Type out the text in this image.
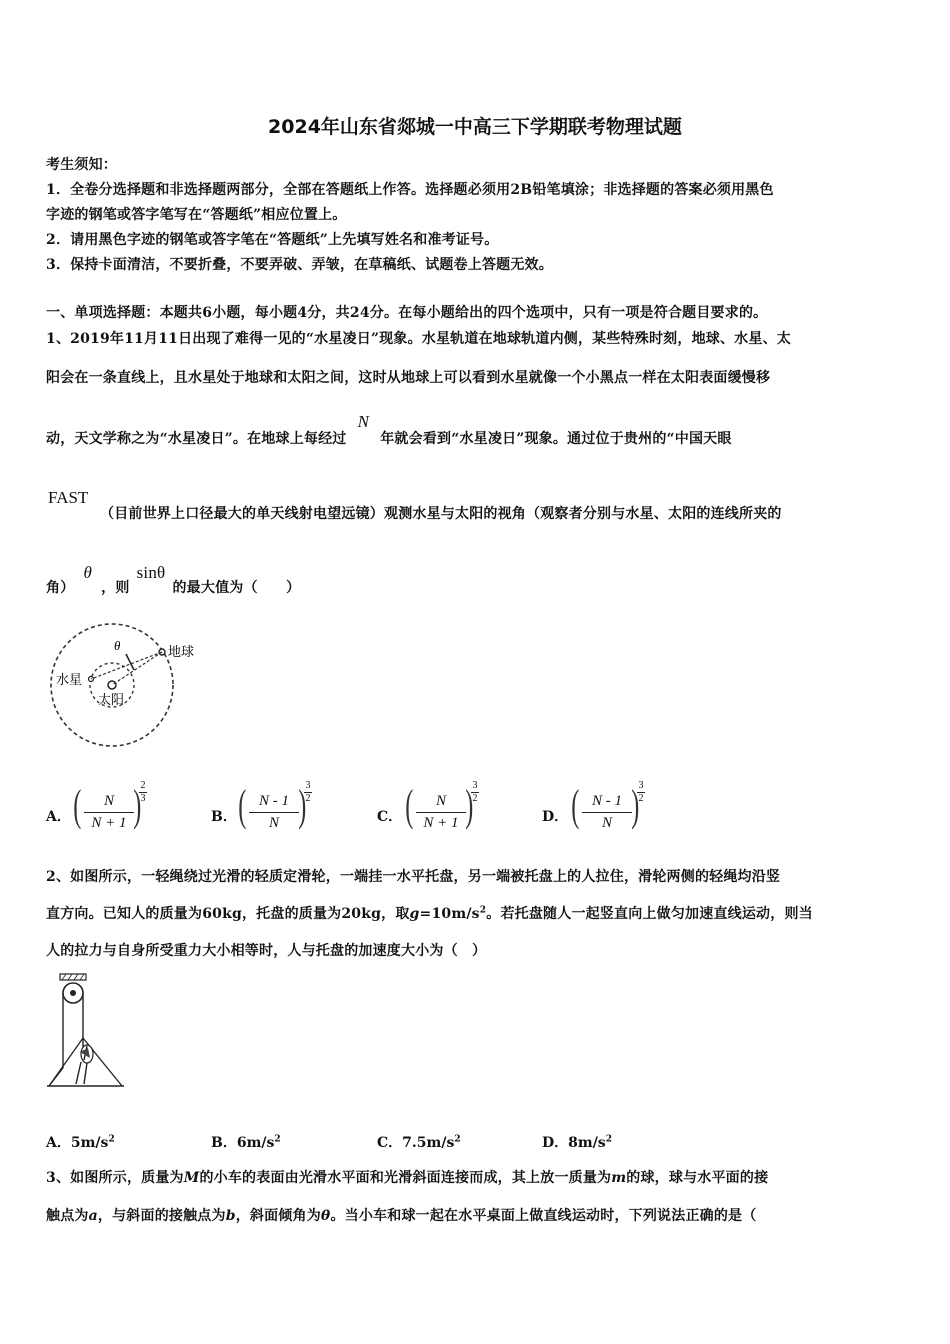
2024年山东省郯城一中高三下学期联考物理试题
考生须知：
1．全卷分选择题和非选择题两部分，全部在答题纸上作答。选择题必须用2B铅笔填涂；非选择题的答案必须用黑色
字迹的钢笔或答字笔写在“答题纸”相应位置上。
2．请用黑色字迹的钢笔或答字笔在“答题纸”上先填写姓名和准考证号。
3．保持卡面清洁，不要折叠，不要弄破、弄皱，在草稿纸、试题卷上答题无效。
一、单项选择题：本题共6小题，每小题4分，共24分。在每小题给出的四个选项中，只有一项是符合题目要求的。
1、2019年11月11日出现了难得一见的“水星凌日”现象。水星轨道在地球轨道内侧，某些特殊时刻，地球、水星、太
阳会在一条直线上，且水星处于地球和太阳之间，这时从地球上可以看到水星就像一个小黑点一样在太阳表面缓慢移
动，天文学称之为“水星凌日”。在地球上每经过 N 年就会看到“水星凌日”现象。通过位于贵州的“中国天眼
FAST
（目前世界上口径最大的单天线射电望远镜）观测水星与太阳的视角（观察者分别与水星、太阳的连线所夹的
角） θ ，则 sinθ 的最大值为（　　）
θ	地球
水星
太阳
A． (	N
N + 1 ) 2
3
B． ( N - 1
N ) 3
2
C． (	N
N + 1 ) 3
2
D． ( N - 1
N ) 3
2
2、如图所示，一轻绳绕过光滑的轻质定滑轮，一端挂一水平托盘，另一端被托盘上的人拉住，滑轮两侧的轻绳均沿竖
直方向。已知人的质量为60kg，托盘的质量为20kg，取$g=10m/s^2$。若托盘随人一起竖直向上做匀加速直线运动，则当
人的拉力与自身所受重力大小相等时，人与托盘的加速度大小为（　）
A．$5m/s^2$	B．$6m/s^2$	C．$7.5m/s^2$	D．$8m/s^2$
3、如图所示，质量为M的小车的表面由光滑水平面和光滑斜面连接而成，其上放一质量为m的球，球与水平面的接
触点为a，与斜面的接触点为b，斜面倾角为θ。当小车和球一起在水平桌面上做直线运动时，下列说法正确的是（
